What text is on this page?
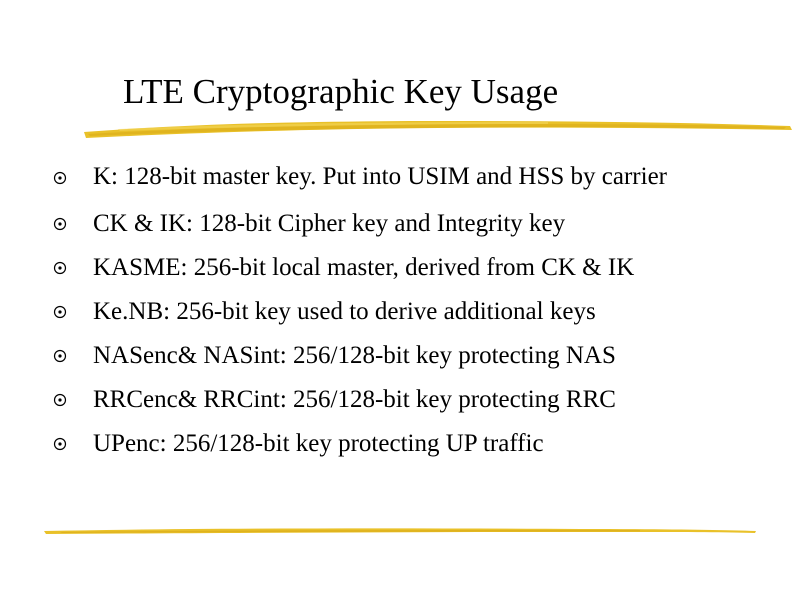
LTE Cryptographic Key Usage
K: 128-bit master key. Put into USIM and HSS by carrier
CK & IK: 128-bit Cipher key and Integrity key
KASME: 256-bit local master, derived from CK & IK
Ke.NB: 256-bit key used to derive additional keys
NASenc& NASint: 256/128-bit key protecting NAS
RRCenc& RRCint: 256/128-bit key protecting RRC
UPenc: 256/128-bit key protecting UP traffic
